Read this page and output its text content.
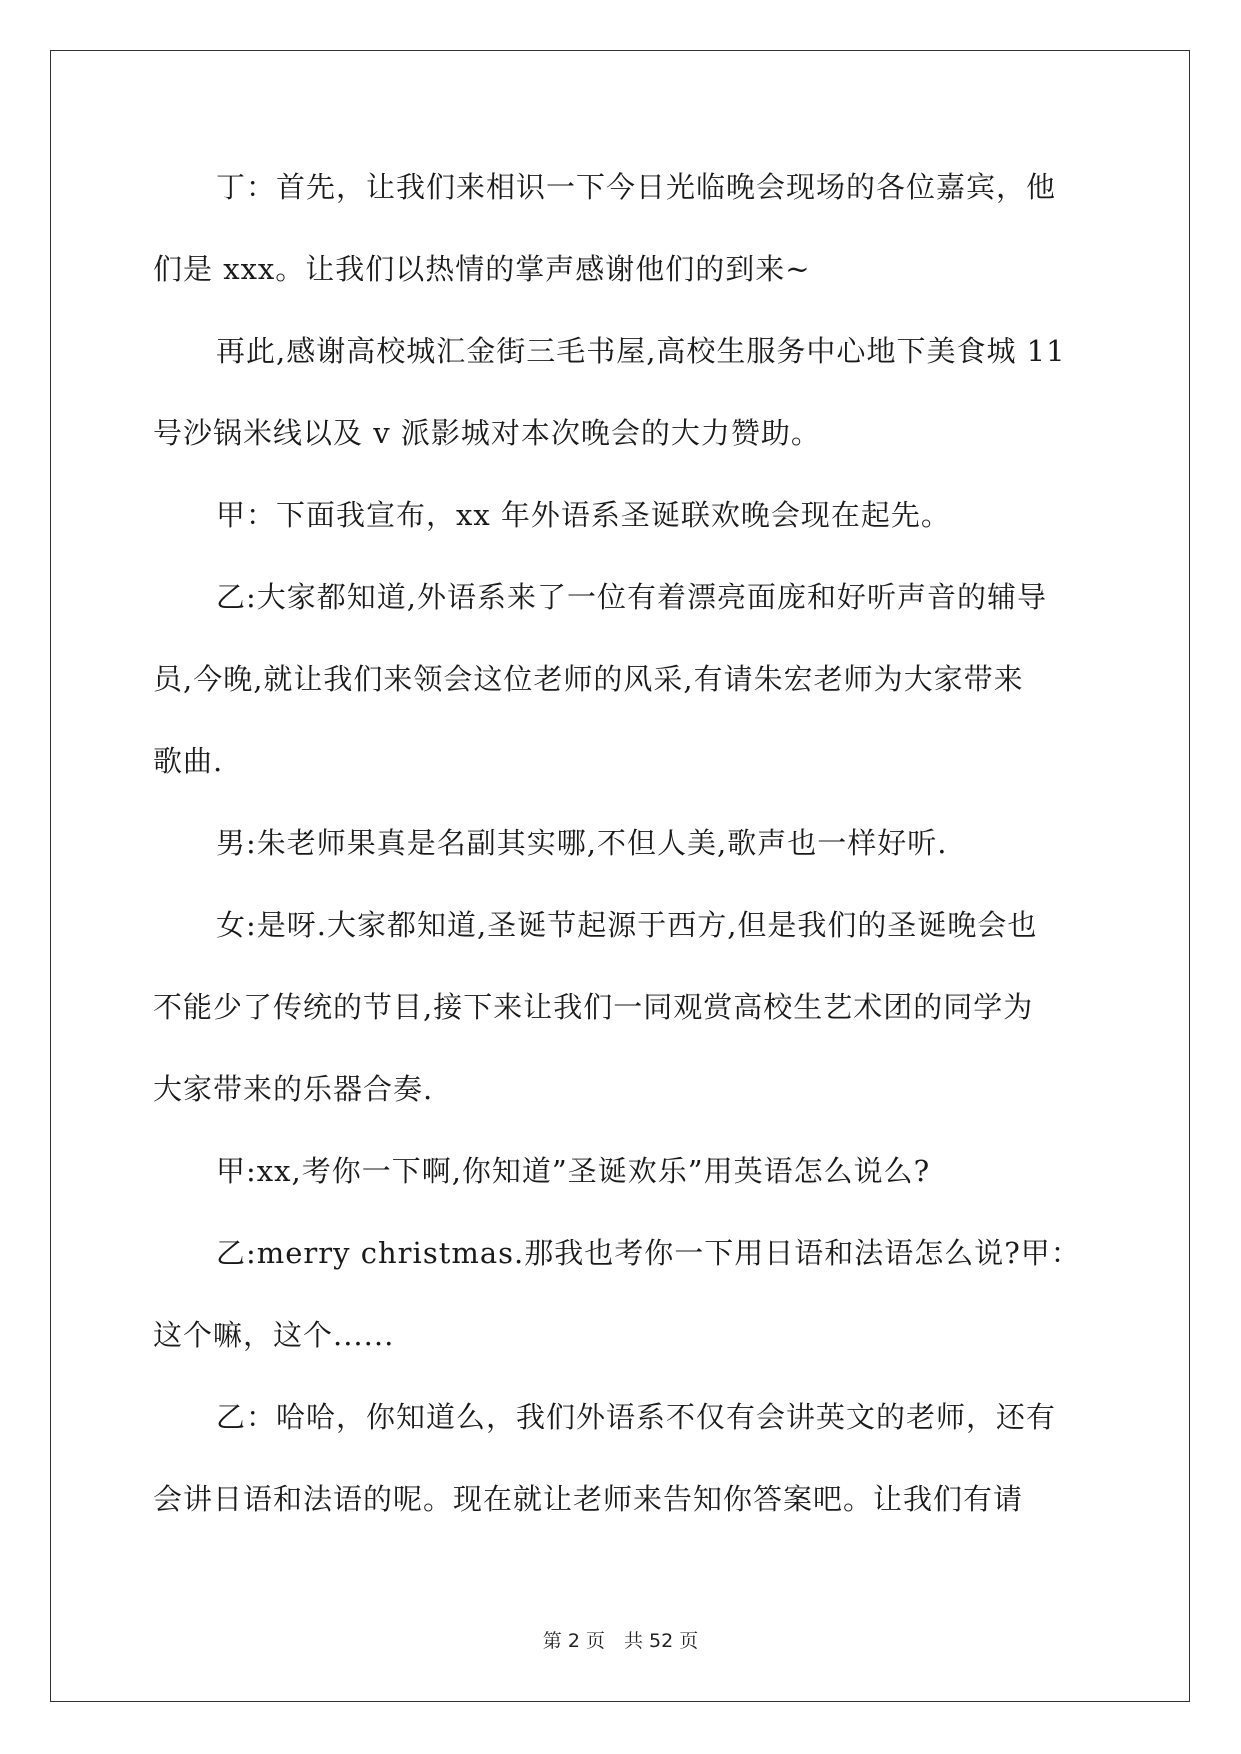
丁：首先，让我们来相识一下今日光临晚会现场的各位嘉宾，他
们是 xxx。让我们以热情的掌声感谢他们的到来~
再此,感谢高校城汇金街三毛书屋,高校生服务中心地下美食城 11
号沙锅米线以及 v 派影城对本次晚会的大力赞助。
甲：下面我宣布，xx 年外语系圣诞联欢晚会现在起先。
乙:大家都知道,外语系来了一位有着漂亮面庞和好听声音的辅导
员,今晚,就让我们来领会这位老师的风采,有请朱宏老师为大家带来
歌曲.
男:朱老师果真是名副其实哪,不但人美,歌声也一样好听.
女:是呀.大家都知道,圣诞节起源于西方,但是我们的圣诞晚会也
不能少了传统的节目,接下来让我们一同观赏高校生艺术团的同学为
大家带来的乐器合奏.
甲:xx,考你一下啊,你知道”圣诞欢乐”用英语怎么说么?
乙:merry christmas.那我也考你一下用日语和法语怎么说?甲：
这个嘛，这个......
乙：哈哈，你知道么，我们外语系不仅有会讲英文的老师，还有
会讲日语和法语的呢。现在就让老师来告知你答案吧。让我们有请
第 2 页　共 52 页
